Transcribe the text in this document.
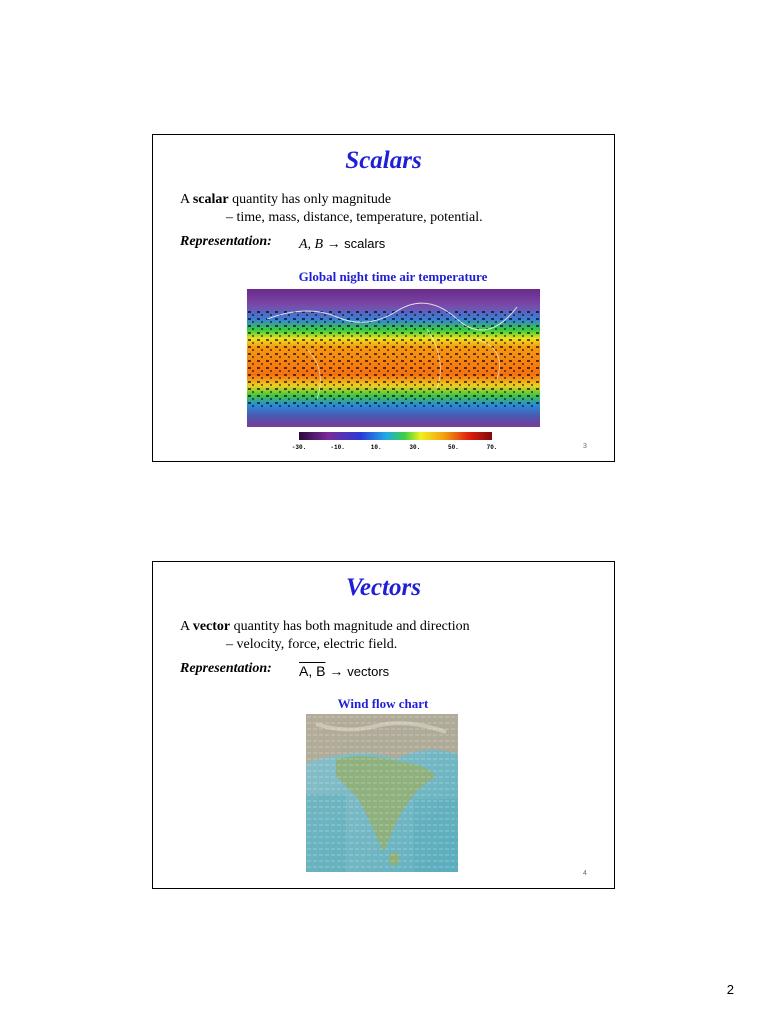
Scalars
A scalar quantity has only magnitude
– time, mass, distance, temperature, potential.
Representation: A, B → scalars
Global night time air temperature
-30.	-10.	10.	30.	50.	70.	3
Vectors
A vector quantity has both magnitude and direction
– velocity, force, electric field.
Representation: A, B → vectors
Wind flow chart
4
2
